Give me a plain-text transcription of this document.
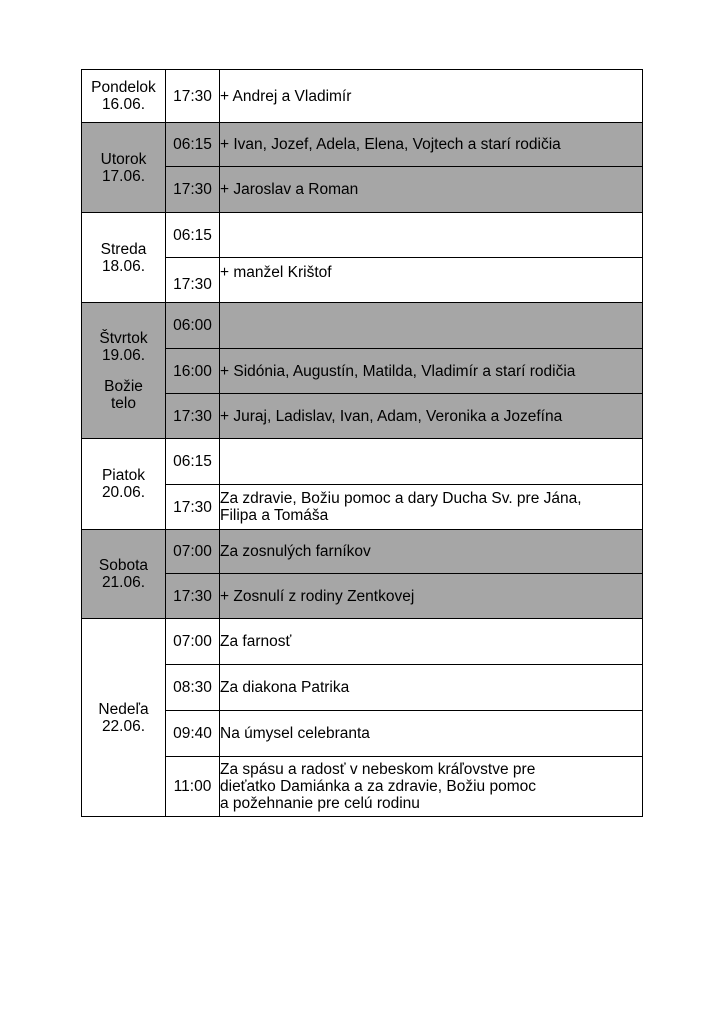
Pondelok
16.06.	17:30	+ Andrej a Vladimír

Utorok
17.06.	06:15	+ Ivan, Jozef, Adela, Elena, Vojtech a starí rodičia
	17:30	+ Jaroslav a Roman

Streda
18.06.	06:15	
	17:30	+ manžel Krištof

Štvrtok
19.06.
Božie
telo	06:00	
	16:00	+ Sidónia, Augustín, Matilda, Vladimír a starí rodičia
	17:30	+ Juraj, Ladislav, Ivan, Adam, Veronika a Jozefína

Piatok
20.06.	06:15	
	17:30	Za zdravie, Božiu pomoc a dary Ducha Sv. pre Jána,
Filipa a Tomáša

Sobota
21.06.	07:00	Za zosnulých farníkov
	17:30	+ Zosnulí z rodiny Zentkovej

Nedeľa
22.06.	07:00	Za farnosť
	08:30	Za diakona Patrika
	09:40	Na úmysel celebranta
	11:00	Za spásu a radosť v nebeskom kráľovstve pre
dieťatko Damiánka a za zdravie, Božiu pomoc
a požehnanie pre celú rodinu
